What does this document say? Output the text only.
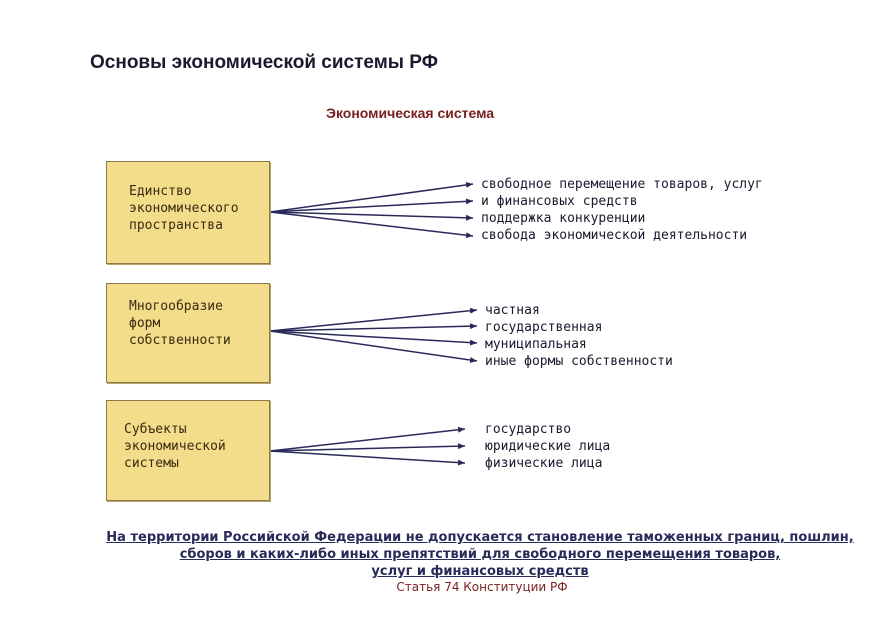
Основы экономической системы РФ
Экономическая система
Единство
экономического
пространства
Многообразие
форм
собственности
Субъекты
экономической
системы
свободное перемещение товаров, услуг
и финансовых средств
поддержка конкуренции
свобода экономической деятельности
частная
государственная
муниципальная
иные формы собственности
государство
юридические лица
физические лица
На территории Российской Федерации не допускается становление таможенных границ, пошлин,
сборов и каких-либо иных препятствий для свободного перемещения товаров,
услуг и финансовых средств
Статья 74 Конституции РФ
